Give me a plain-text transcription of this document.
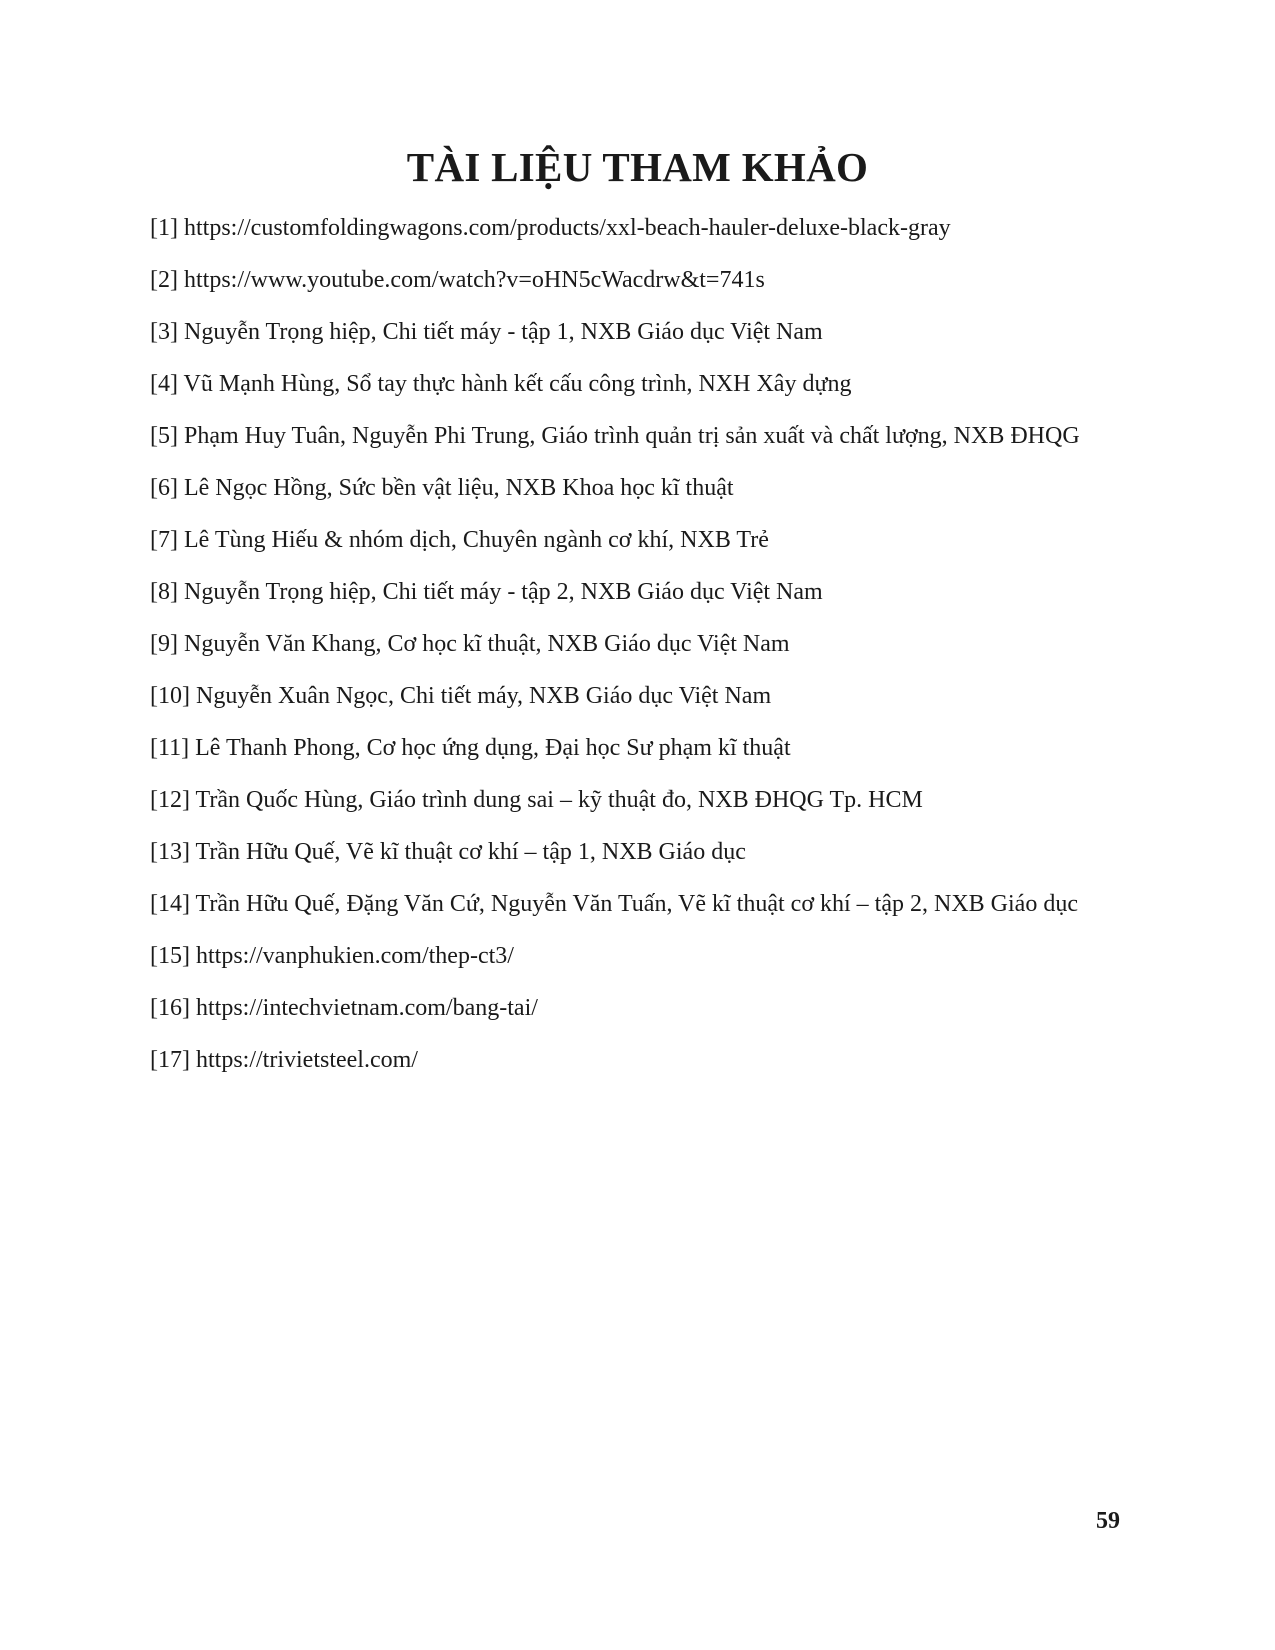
TÀI LIỆU THAM KHẢO
[1] https://customfoldingwagons.com/products/xxl-beach-hauler-deluxe-black-gray
[2] https://www.youtube.com/watch?v=oHN5cWacdrw&t=741s
[3] Nguyễn Trọng hiệp, Chi tiết máy - tập 1, NXB Giáo dục Việt Nam
[4] Vũ Mạnh Hùng, Sổ tay thực hành kết cấu công trình, NXH Xây dựng
[5] Phạm Huy Tuân, Nguyễn Phi Trung, Giáo trình quản trị sản xuất và chất lượng, NXB ĐHQG
[6] Lê Ngọc Hồng, Sức bền vật liệu, NXB Khoa học kĩ thuật
[7] Lê Tùng Hiếu & nhóm dịch, Chuyên ngành cơ khí, NXB Trẻ
[8] Nguyễn Trọng hiệp, Chi tiết máy - tập 2, NXB Giáo dục Việt Nam
[9] Nguyễn Văn Khang, Cơ học kĩ thuật, NXB Giáo dục Việt Nam
[10] Nguyễn Xuân Ngọc, Chi tiết máy, NXB Giáo dục Việt Nam
[11] Lê Thanh Phong, Cơ học ứng dụng, Đại học Sư phạm kĩ thuật
[12] Trần Quốc Hùng, Giáo trình dung sai – kỹ thuật đo, NXB ĐHQG Tp. HCM
[13] Trần Hữu Quế, Vẽ kĩ thuật cơ khí – tập 1, NXB Giáo dục
[14] Trần Hữu Quế, Đặng Văn Cứ, Nguyễn Văn Tuấn, Vẽ kĩ thuật cơ khí – tập 2, NXB Giáo dục
[15] https://vanphukien.com/thep-ct3/
[16] https://intechvietnam.com/bang-tai/
[17] https://trivietsteel.com/
59
